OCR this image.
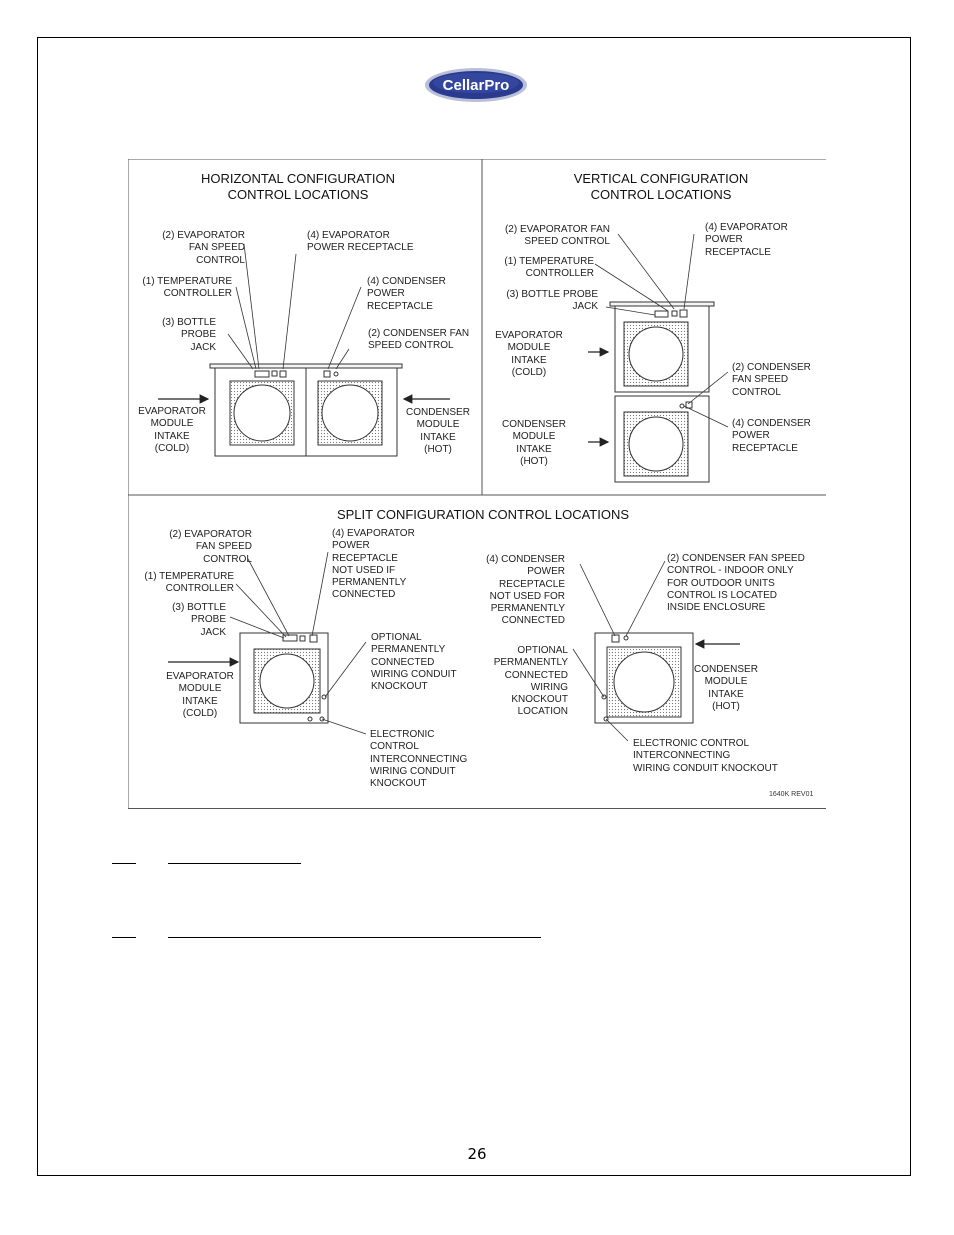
CellarPro
HORIZONTAL CONFIGURATION
CONTROL LOCATIONS
(2) EVAPORATOR
FAN SPEED
CONTROL
(4) EVAPORATOR
POWER RECEPTACLE
(1) TEMPERATURE
CONTROLLER
(4) CONDENSER
POWER
RECEPTACLE
(3) BOTTLE
PROBE
JACK
(2) CONDENSER FAN
SPEED CONTROL
EVAPORATOR
MODULE
INTAKE
(COLD)
CONDENSER
MODULE
INTAKE
(HOT)
VERTICAL CONFIGURATION
CONTROL LOCATIONS
(2) EVAPORATOR FAN
SPEED CONTROL
(4) EVAPORATOR
POWER
RECEPTACLE
(1) TEMPERATURE
CONTROLLER
(3) BOTTLE PROBE
JACK
EVAPORATOR
MODULE
INTAKE
(COLD)	(2) CONDENSER
FAN SPEED
CONTROL
CONDENSER
MODULE
INTAKE
(HOT)
(4) CONDENSER
POWER
RECEPTACLE
SPLIT CONFIGURATION CONTROL LOCATIONS
(2) EVAPORATOR
FAN SPEED
CONTROL
(4) EVAPORATOR
POWER
RECEPTACLE
NOT USED IF
PERMANENTLY
CONNECTED
(1) TEMPERATURE
CONTROLLER
(3) BOTTLE
PROBE
JACK	OPTIONAL
PERMANENTLY
CONNECTED
WIRING CONDUIT
KNOCKOUT
EVAPORATOR
MODULE
INTAKE
(COLD)
ELECTRONIC
CONTROL
INTERCONNECTING
WIRING CONDUIT
KNOCKOUT
(4) CONDENSER
POWER
RECEPTACLE
NOT USED FOR
PERMANENTLY
CONNECTED
(2) CONDENSER FAN SPEED
CONTROL - INDOOR ONLY
FOR OUTDOOR UNITS
CONTROL IS LOCATED
INSIDE ENCLOSURE
OPTIONAL
PERMANENTLY
CONNECTED
WIRING
KNOCKOUT
LOCATION
CONDENSER
MODULE
INTAKE
(HOT)
ELECTRONIC CONTROL
INTERCONNECTING
WIRING CONDUIT KNOCKOUT
1640K REV01
26
